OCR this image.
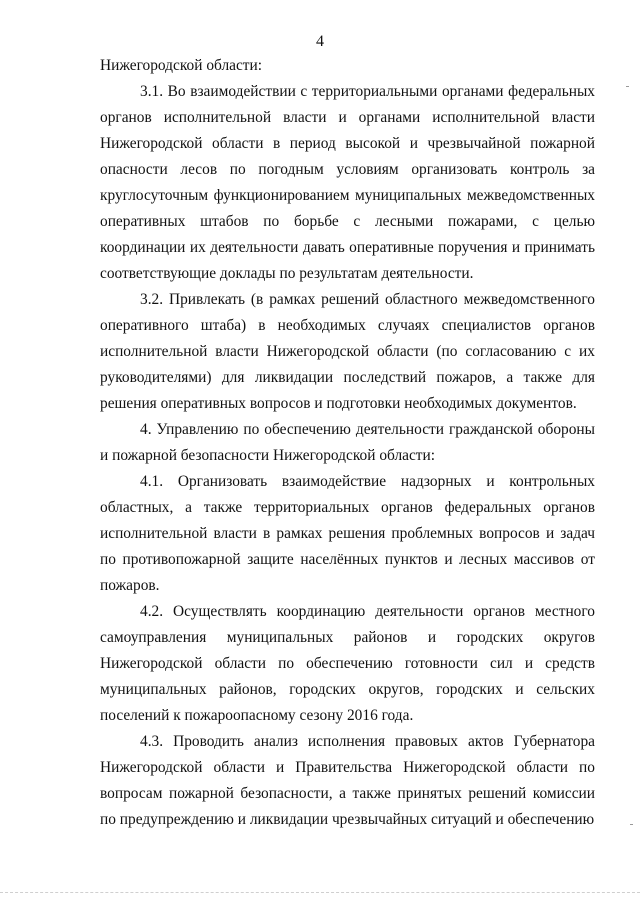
4

Нижегородской области:

3.1. Во взаимодействии с территориальными органами федеральных органов исполнительной власти и органами исполнительной власти Нижегородской области в период высокой и чрезвычайной пожарной опасности лесов по погодным условиям организовать контроль за круглосуточным функционированием муниципальных межведомственных оперативных штабов по борьбе с лесными пожарами, с целью координации их деятельности давать оперативные поручения и принимать соответствующие доклады по результатам деятельности.

3.2. Привлекать (в рамках решений областного межведомственного оперативного штаба) в необходимых случаях специалистов органов исполнительной власти Нижегородской области (по согласованию с их руководителями) для ликвидации последствий пожаров, а также для решения оперативных вопросов и подготовки необходимых документов.

4. Управлению по обеспечению деятельности гражданской обороны и пожарной безопасности Нижегородской области:

4.1. Организовать взаимодействие надзорных и контрольных областных, а также территориальных органов федеральных органов исполнительной власти в рамках решения проблемных вопросов и задач по противопожарной защите населённых пунктов и лесных массивов от пожаров.

4.2. Осуществлять координацию деятельности органов местного самоуправления муниципальных районов и городских округов Нижегородской области по обеспечению готовности сил и средств муниципальных районов, городских округов, городских и сельских поселений к пожароопасному сезону 2016 года.

4.3. Проводить анализ исполнения правовых актов Губернатора Нижегородской области и Правительства Нижегородской области по вопросам пожарной безопасности, а также принятых решений комиссии по предупреждению и ликвидации чрезвычайных ситуаций и обеспечению
